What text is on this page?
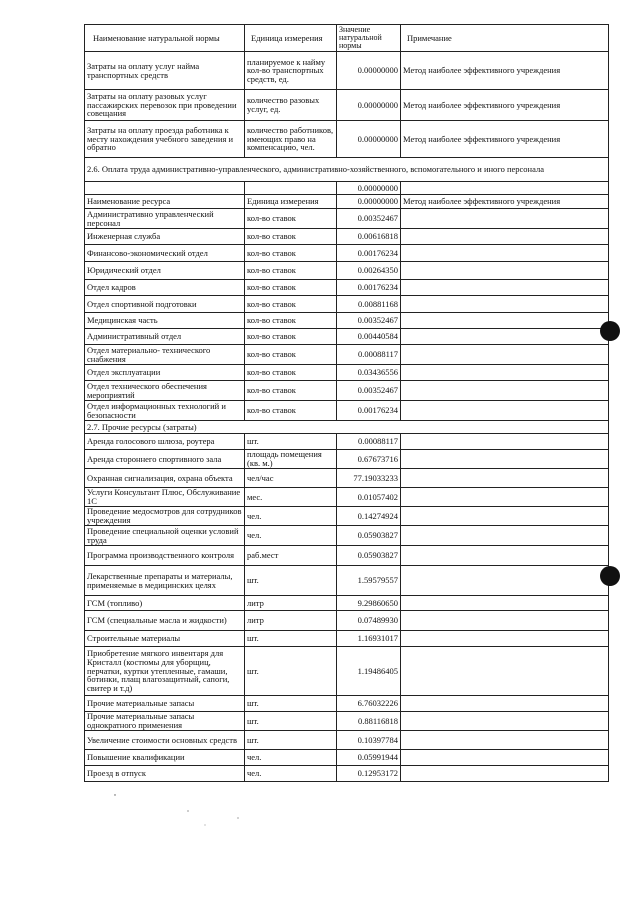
Наименование натуральной нормы	Единица измерения	Значение натуральной нормы	Примечание
Затраты на оплату услуг найма транспортных средств	планируемое к найму кол-во транспортных средств, ед.	0.00000000	Метод наиболее эффективного учреждения
Затраты на оплату разовых услуг пассажирских перевозок при проведении совещания	количество разовых услуг, ед.	0.00000000	Метод наиболее эффективного учреждения
Затраты на оплату проезда работника к месту нахождения учебного заведения и обратно	количество работников, имеющих право на компенсацию, чел.	0.00000000	Метод наиболее эффективного учреждения
2.6. Оплата труда административно-управленческого, административно-хозяйственного, вспомогательного и иного персонала			
		0.00000000	
Наименование ресурса	Единица измерения	0.00000000	Метод наиболее эффективного учреждения
Административно управленческий персонал	кол-во ставок	0.00352467	
Инженерная служба	кол-во ставок	0.00616818	
Финансово-экономический отдел	кол-во ставок	0.00176234	
Юридический отдел	кол-во ставок	0.00264350	
Отдел кадров	кол-во ставок	0.00176234	
Отдел спортивной подготовки	кол-во ставок	0.00881168	
Медицинская часть	кол-во ставок	0.00352467	
Административный отдел	кол-во ставок	0.00440584	
Отдел материально- технического снабжения	кол-во ставок	0.00088117	
Отдел эксплуатации	кол-во ставок	0.03436556	
Отдел технического обеспечения мероприятий	кол-во ставок	0.00352467	
Отдел информационных технологий и безопасности	кол-во ставок	0.00176234	
2.7. Прочие ресурсы (затраты)			
Аренда голосового шлюза, роутера	шт.	0.00088117	
Аренда стороннего спортивного зала	площадь помещения (кв. м.)	0.67673716	
Охранная сигнализация, охрана объекта	чел/час	77.19033233	
Услуги Консультант Плюс, Обслуживание 1С	мес.	0.01057402	
Проведение медосмотров для сотрудников учреждения	чел.	0.14274924	
Проведение специальной оценки условий труда	чел.	0.05903827	
Программа производственного контроля	раб.мест	0.05903827	
Лекарственные препараты и материалы, применяемые в медицинских целях	шт.	1.59579557	
ГСМ (топливо)	литр	9.29860650	
ГСМ (специальные масла и жидкости)	литр	0.07489930	
Строительные материалы	шт.	1.16931017	
Приобретение мягкого инвентаря для Кристалл (костюмы для уборщиц, перчатки, куртки утепленные, гамаши, ботинки, плащ влагозащитный, сапоги, свитер и т.д)	шт.	1.19486405	
Прочие материальные запасы	шт.	6.76032226	
Прочие материальные запасы однократного применения	шт.	0.88116818	
Увеличение стоимости основных средств	шт.	0.10397784	
Повышение квалификации	чел.	0.05991944	
Проезд в отпуск	чел.	0.12953172	
